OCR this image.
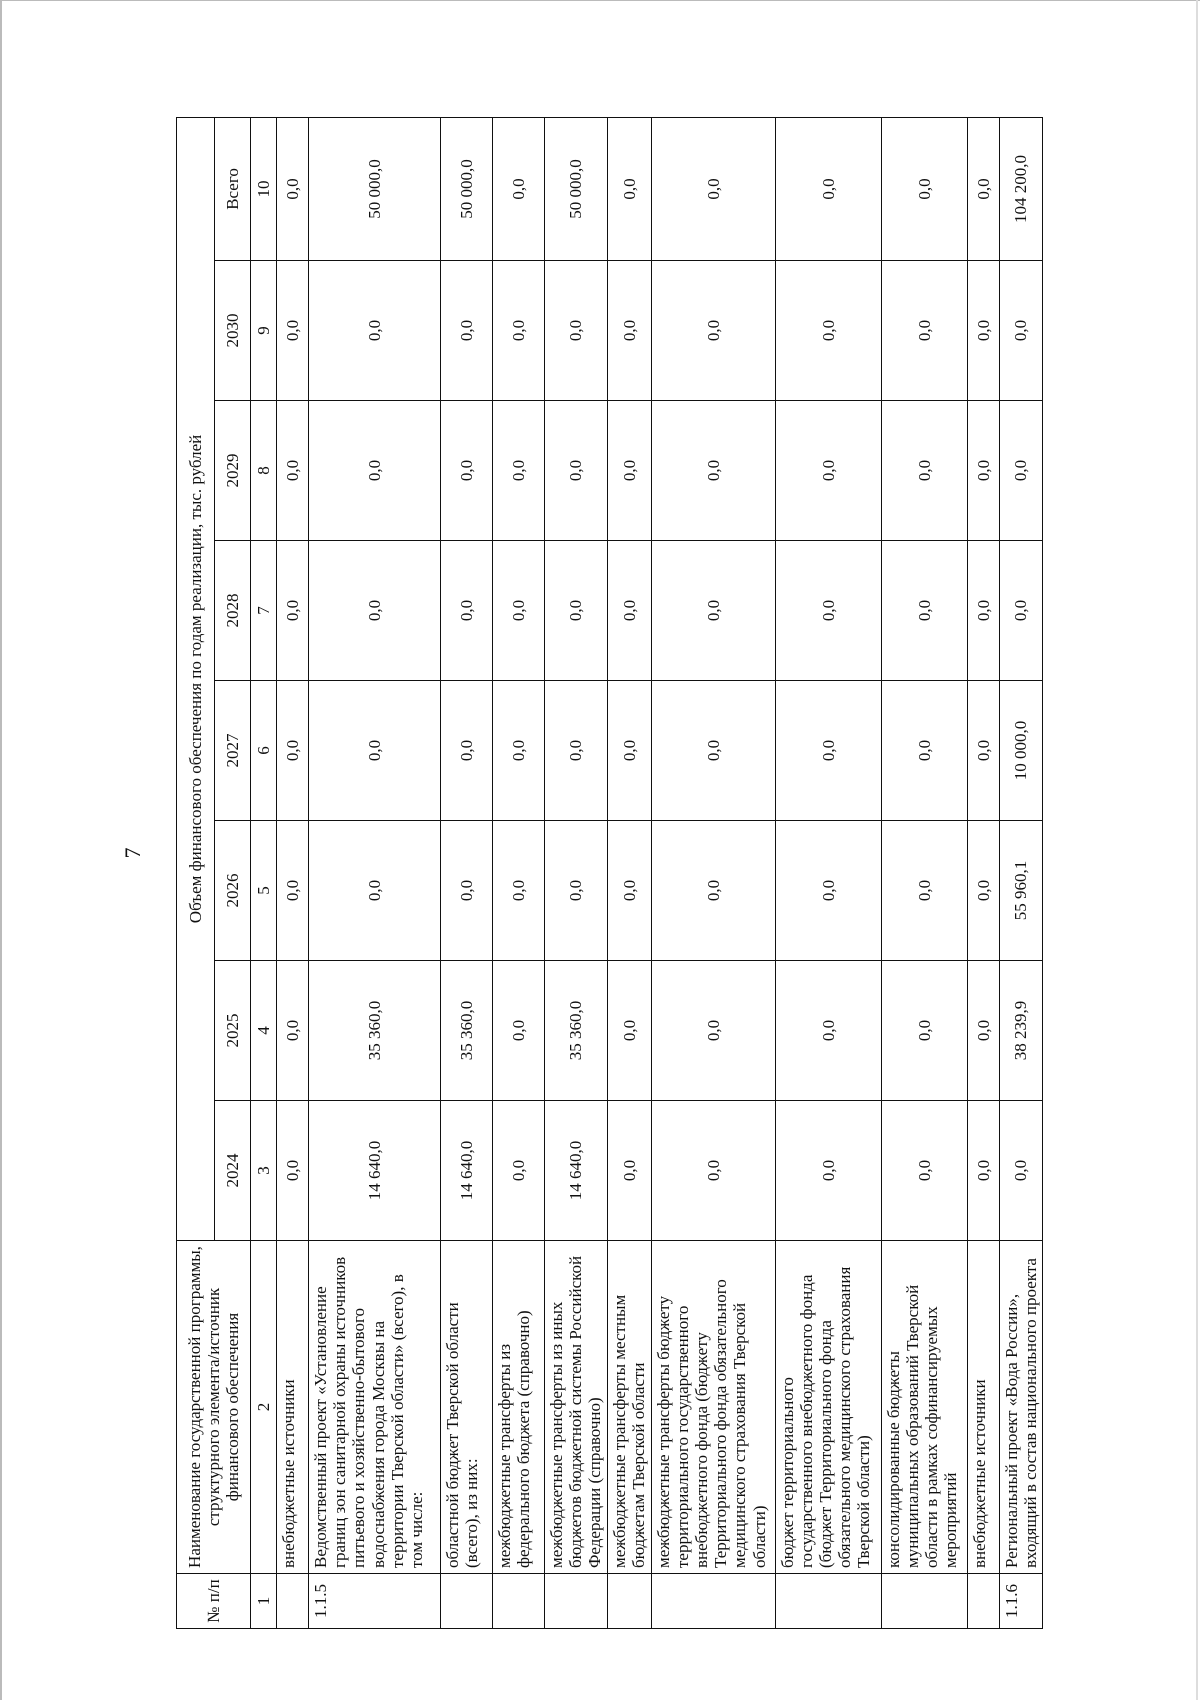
7
№ п/п	Наименование государственной программы, структурного элемента/источник финансового обеспечения	Объем финансового обеспечения по годам реализации, тыс. рублей							
		2024	2025	2026	2027	2028	2029	2030	Всего
1	2	3	4	5	6	7	8	9	10
	внебюджетные источники	0,0	0,0	0,0	0,0	0,0	0,0	0,0	0,0
1.1.5	Ведомственный проект «Установление границ зон санитарной охраны источников питьевого и хозяйственно-бытового водоснабжения города Москвы на территории Тверской области» (всего), в том числе:	14 640,0	35 360,0	0,0	0,0	0,0	0,0	0,0	50 000,0
	областной бюджет Тверской области (всего), из них:	14 640,0	35 360,0	0,0	0,0	0,0	0,0	0,0	50 000,0
	межбюджетные трансферты из федерального бюджета (справочно)	0,0	0,0	0,0	0,0	0,0	0,0	0,0	0,0
	межбюджетные трансферты из иных бюджетов бюджетной системы Российской Федерации (справочно)	14 640,0	35 360,0	0,0	0,0	0,0	0,0	0,0	50 000,0
	межбюджетные трансферты местным бюджетам Тверской области	0,0	0,0	0,0	0,0	0,0	0,0	0,0	0,0
	межбюджетные трансферты бюджету территориального государственного внебюджетного фонда (бюджету Территориального фонда обязательного медицинского страхования Тверской области)	0,0	0,0	0,0	0,0	0,0	0,0	0,0	0,0
	бюджет территориального государственного внебюджетного фонда (бюджет Территориального фонда обязательного медицинского страхования Тверской области)	0,0	0,0	0,0	0,0	0,0	0,0	0,0	0,0
	консолидированные бюджеты муниципальных образований Тверской области в рамках софинансируемых мероприятий	0,0	0,0	0,0	0,0	0,0	0,0	0,0	0,0
	внебюджетные источники	0,0	0,0	0,0	0,0	0,0	0,0	0,0	0,0
1.1.6	Региональный проект «Вода России», входящий в состав национального проекта	0,0	38 239,9	55 960,1	10 000,0	0,0	0,0	0,0	104 200,0
